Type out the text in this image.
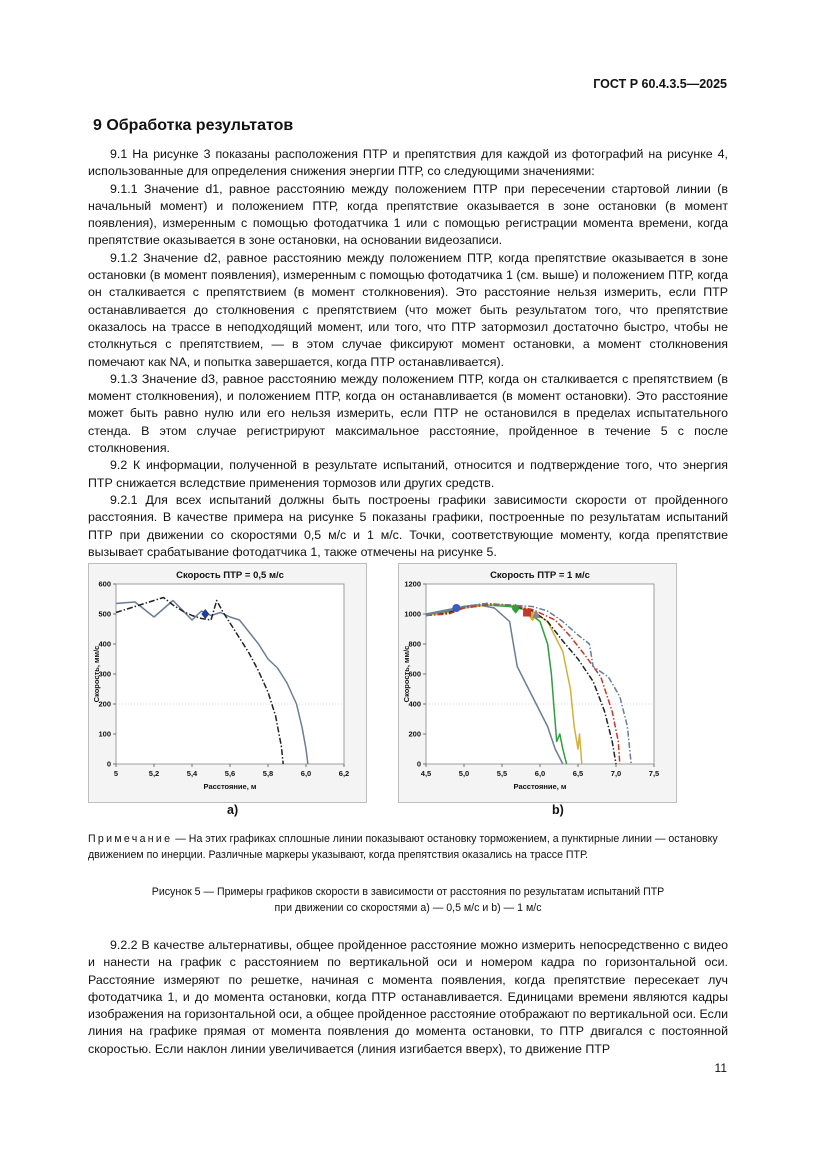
ГОСТ Р 60.4.3.5—2025
9 Обработка результатов

9.1 На рисунке 3 показаны расположения ПТР и препятствия для каждой из фотографий на рисунке 4, использованные для определения снижения энергии ПТР, со следующими значениями:

9.1.1 Значение d1, равное расстоянию между положением ПТР при пересечении стартовой линии (в начальный момент) и положением ПТР, когда препятствие оказывается в зоне остановки (в момент появления), измеренным с помощью фотодатчика 1 или с помощью регистрации момента времени, когда препятствие оказывается в зоне остановки, на основании видеозаписи.

9.1.2 Значение d2, равное расстоянию между положением ПТР, когда препятствие оказывается в зоне остановки (в момент появления), измеренным с помощью фотодатчика 1 (см. выше) и положением ПТР, когда он сталкивается с препятствием (в момент столкновения). Это расстояние нельзя измерить, если ПТР останавливается до столкновения с препятствием (что может быть результатом того, что препятствие оказалось на трассе в неподходящий момент, или того, что ПТР затормозил достаточно быстро, чтобы не столкнуться с препятствием, — в этом случае фиксируют момент остановки, а момент столкновения помечают как NA, и попытка завершается, когда ПТР останавливается).

9.1.3 Значение d3, равное расстоянию между положением ПТР, когда он сталкивается с препятствием (в момент столкновения), и положением ПТР, когда он останавливается (в момент остановки). Это расстояние может быть равно нулю или его нельзя измерить, если ПТР не остановился в пределах испытательного стенда. В этом случае регистрируют максимальное расстояние, пройденное в течение 5 с после столкновения.

9.2 К информации, полученной в результате испытаний, относится и подтверждение того, что энергия ПТР снижается вследствие применения тормозов или других средств.

9.2.1 Для всех испытаний должны быть построены графики зависимости скорости от пройденного расстояния. В качестве примера на рисунке 5 показаны графики, построенные по результатам испытаний ПТР при движении со скоростями 0,5 м/с и 1 м/с. Точки, соответствующие моменту, когда препятствие вызывает срабатывание фотодатчика 1, также отмечены на рисунке 5.

0
100
200
300
400
500
600
5	5,2	5,4	5,6	5,8	6,0	6,2
Скорость ПТР = 0,5 м/с
Расстояние, м
Скорость, мм/с
0
200
400
600
800
1000
1200
4,5	5,0	5,5	6,0	6,5	7,0	7,5
Скорость ПТР = 1 м/с
Расстояние, м
Скорость, мм/с
a)	b)
Примечание — На этих графиках сплошные линии показывают остановку торможением, а пунктирные линии — остановку движением по инерции. Различные маркеры указывают, когда препятствия оказались на трассе ПТР.
Рисунок 5 — Примеры графиков скорости в зависимости от расстояния по результатам испытаний ПТР
при движении со скоростями a) — 0,5 м/с и b) — 1 м/с

9.2.2 В качестве альтернативы, общее пройденное расстояние можно измерить непосредственно с видео и нанести на график с расстоянием по вертикальной оси и номером кадра по горизонтальной оси. Расстояние измеряют по решетке, начиная с момента появления, когда препятствие пересекает луч фотодатчика 1, и до момента остановки, когда ПТР останавливается. Единицами времени являются кадры изображения на горизонтальной оси, а общее пройденное расстояние отображают по вертикальной оси. Если линия на графике прямая от момента появления до момента остановки, то ПТР двигался с постоянной скоростью. Если наклон линии увеличивается (линия изгибается вверх), то движение ПТР

11
